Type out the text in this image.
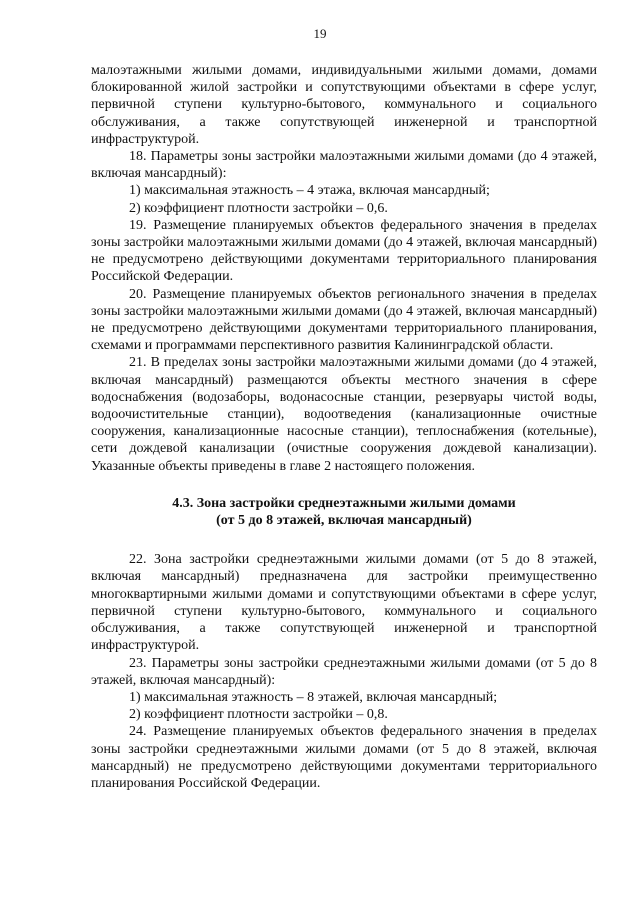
19

малоэтажными жилыми домами, индивидуальными жилыми домами, домами блокированной жилой застройки и сопутствующими объектами в сфере услуг, первичной ступени культурно-бытового, коммунального и социального обслуживания, а также сопутствующей инженерной и транспортной инфраструктурой.

18. Параметры зоны застройки малоэтажными жилыми домами (до 4 этажей, включая мансардный):

1) максимальная этажность – 4 этажа, включая мансардный;

2) коэффициент плотности застройки – 0,6.

19. Размещение планируемых объектов федерального значения в пределах зоны застройки малоэтажными жилыми домами (до 4 этажей, включая мансардный) не предусмотрено действующими документами территориального планирования Российской Федерации.

20. Размещение планируемых объектов регионального значения в пределах зоны застройки малоэтажными жилыми домами (до 4 этажей, включая мансардный) не предусмотрено действующими документами территориального планирования, схемами и программами перспективного развития Калининградской области.

21. В пределах зоны застройки малоэтажными жилыми домами (до 4 этажей, включая мансардный) размещаются объекты местного значения в сфере водоснабжения (водозаборы, водонасосные станции, резервуары чистой воды, водоочистительные станции), водоотведения (канализационные очистные сооружения, канализационные насосные станции), теплоснабжения (котельные), сети дождевой канализации (очистные сооружения дождевой канализации). Указанные объекты приведены в главе 2 настоящего положения.

4.3. Зона застройки среднеэтажными жилыми домами
(от 5 до 8 этажей, включая мансардный)

22. Зона застройки среднеэтажными жилыми домами (от 5 до 8 этажей, включая мансардный) предназначена для застройки преимущественно многоквартирными жилыми домами и сопутствующими объектами в сфере услуг, первичной ступени культурно-бытового, коммунального и социального обслуживания, а также сопутствующей инженерной и транспортной инфраструктурой.

23. Параметры зоны застройки среднеэтажными жилыми домами (от 5 до 8 этажей, включая мансардный):

1) максимальная этажность – 8 этажей, включая мансардный;

2) коэффициент плотности застройки – 0,8.

24. Размещение планируемых объектов федерального значения в пределах зоны застройки среднеэтажными жилыми домами (от 5 до 8 этажей, включая мансардный) не предусмотрено действующими документами территориального планирования Российской Федерации.
